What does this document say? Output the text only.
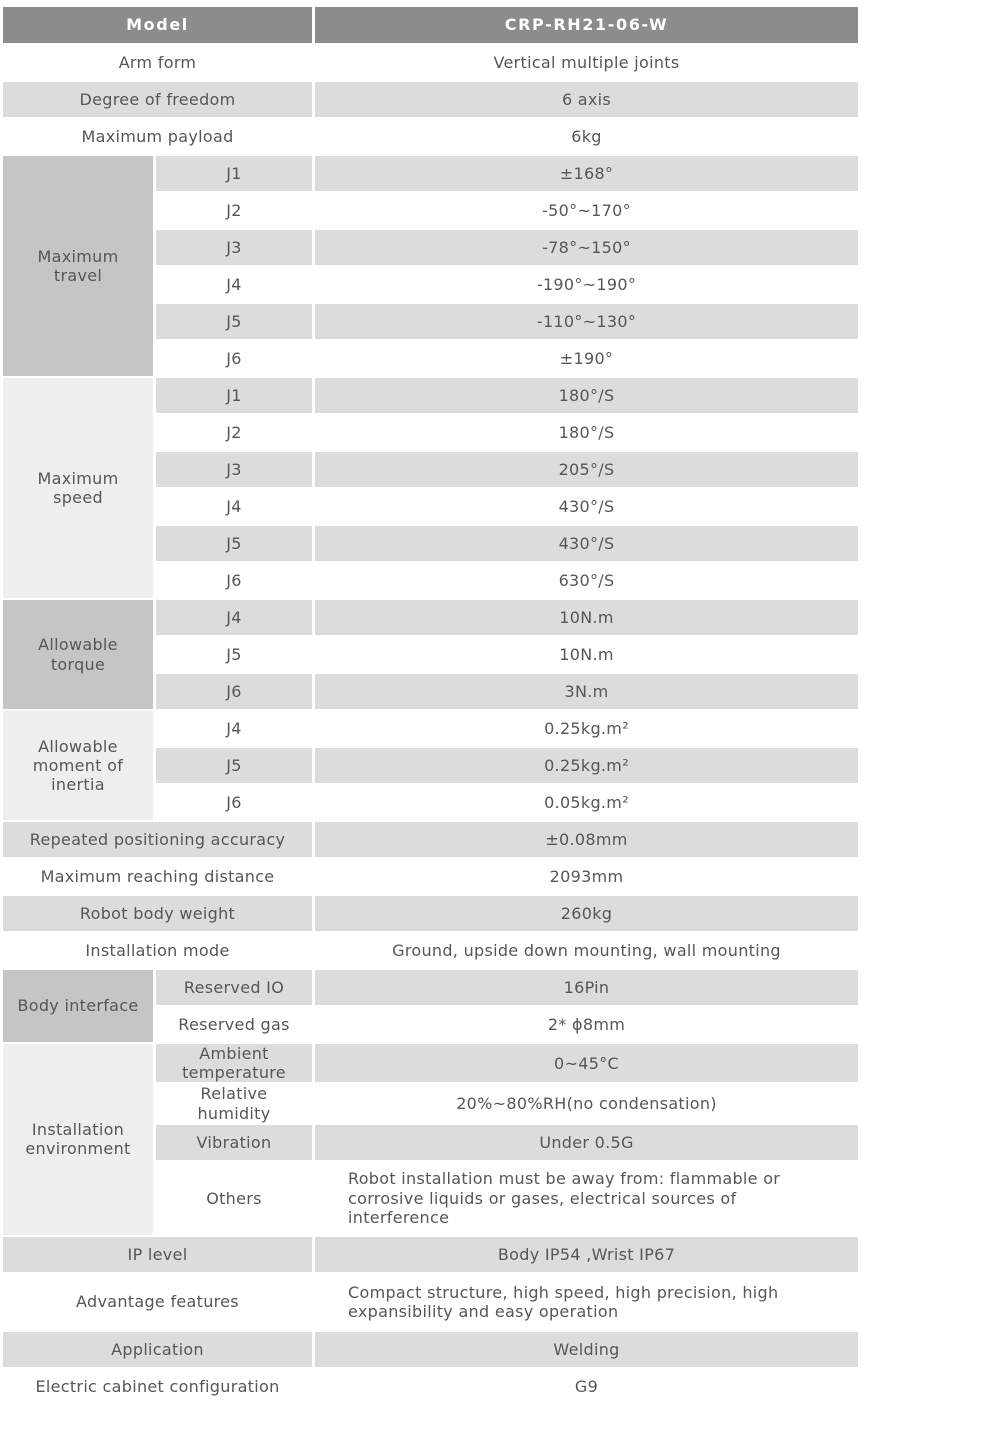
Model		CRP-RH21-06-W
Arm form		Vertical multiple joints
Degree of freedom		6 axis
Maximum payload		6kg
Maximum travel	J1	±168°
	J2	-50°~170°
	J3	-78°~150°
	J4	-190°~190°
	J5	-110°~130°
	J6	±190°
Maximum speed	J1	180°/S
	J2	180°/S
	J3	205°/S
	J4	430°/S
	J5	430°/S
	J6	630°/S
Allowable torque	J4	10N.m
	J5	10N.m
	J6	3N.m
Allowable moment of inertia	J4	0.25kg.m²
	J5	0.25kg.m²
	J6	0.05kg.m²
Repeated positioning accuracy		±0.08mm
Maximum reaching distance		2093mm
Robot body weight		260kg
Installation mode		Ground, upside down mounting, wall mounting
Body interface	Reserved IO	16Pin
	Reserved gas	2* ϕ8mm
Installation environment	Ambient temperature	0~45°C
	Relative humidity	20%~80%RH(no condensation)
	Vibration	Under 0.5G
	Others	Robot installation must be away from: flammable or corrosive liquids or gases, electrical sources of interference
IP level		Body IP54 ,Wrist IP67
Advantage features		Compact structure, high speed, high precision, high expansibility and easy operation
Application		Welding
Electric cabinet configuration		G9
